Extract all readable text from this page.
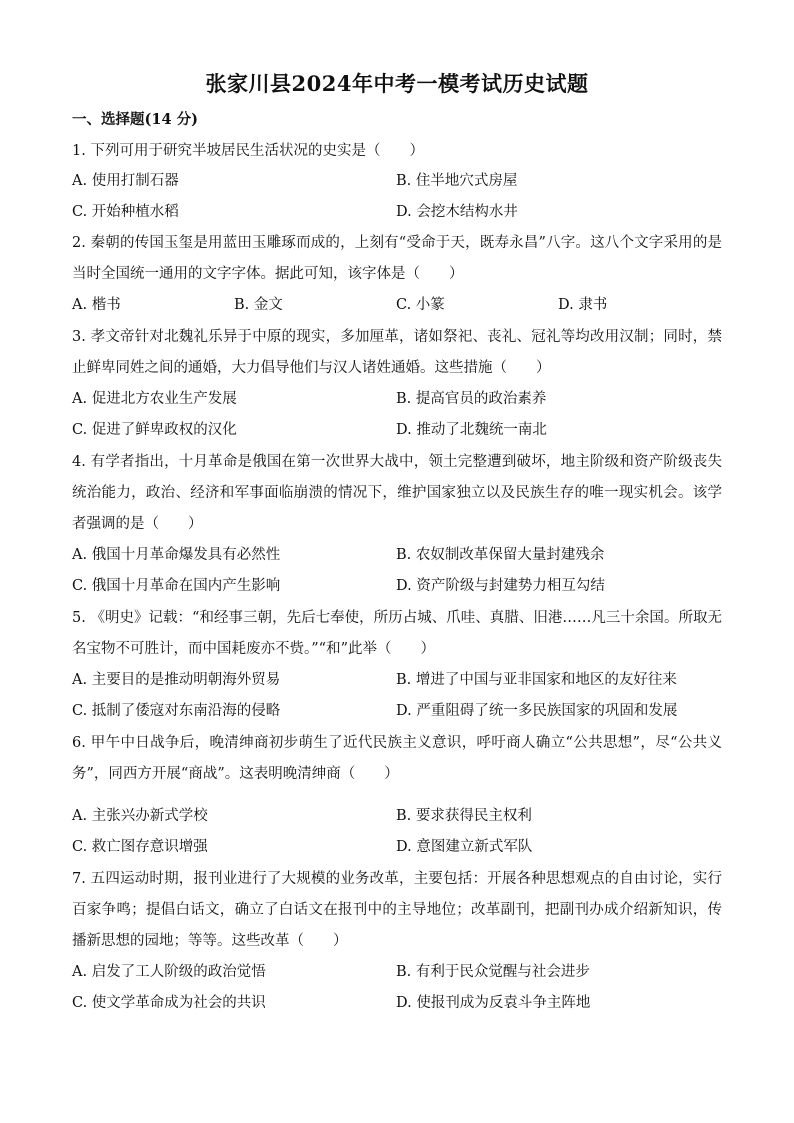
张家川县2024年中考一模考试历史试题
一、选择题(14 分)
1. 下列可用于研究半坡居民生活状况的史实是（　　）
A. 使用打制石器	B. 住半地穴式房屋
C. 开始种植水稻	D. 会挖木结构水井
2. 秦朝的传国玉玺是用蓝田玉雕琢而成的，上刻有“受命于天，既寿永昌”八字。这八个文字采用的是当时全国统一通用的文字字体。据此可知，该字体是（　　）
A. 楷书	B. 金文	C. 小篆	D. 隶书
3. 孝文帝针对北魏礼乐异于中原的现实，多加厘革，诸如祭祀、丧礼、冠礼等均改用汉制；同时，禁止鲜卑同姓之间的通婚，大力倡导他们与汉人诸姓通婚。这些措施（　　）
A. 促进北方农业生产发展	B. 提高官员的政治素养
C. 促进了鲜卑政权的汉化	D. 推动了北魏统一南北
4. 有学者指出，十月革命是俄国在第一次世界大战中，领土完整遭到破坏，地主阶级和资产阶级丧失统治能力，政治、经济和军事面临崩溃的情况下，维护国家独立以及民族生存的唯一现实机会。该学者强调的是（　　）
A. 俄国十月革命爆发具有必然性	B. 农奴制改革保留大量封建残余
C. 俄国十月革命在国内产生影响	D. 资产阶级与封建势力相互勾结
5. 《明史》记载：“和经事三朝，先后七奉使，所历占城、爪哇、真腊、旧港……凡三十余国。所取无名宝物不可胜计，而中国耗废亦不赀。”“和”此举（　　）
A. 主要目的是推动明朝海外贸易	B. 增进了中国与亚非国家和地区的友好往来
C. 抵制了倭寇对东南沿海的侵略	D. 严重阻碍了统一多民族国家的巩固和发展
6. 甲午中日战争后，晚清绅商初步萌生了近代民族主义意识，呼吁商人确立“公共思想”，尽“公共义务”，同西方开展“商战”。这表明晚清绅商（　　）
A. 主张兴办新式学校	B. 要求获得民主权利
C. 救亡图存意识增强	D. 意图建立新式军队
7. 五四运动时期，报刊业进行了大规模的业务改革，主要包括：开展各种思想观点的自由讨论，实行百家争鸣；提倡白话文，确立了白话文在报刊中的主导地位；改革副刊，把副刊办成介绍新知识，传播新思想的园地；等等。这些改革（　　）
A. 启发了工人阶级的政治觉悟	B. 有利于民众觉醒与社会进步
C. 使文学革命成为社会的共识	D. 使报刊成为反袁斗争主阵地
